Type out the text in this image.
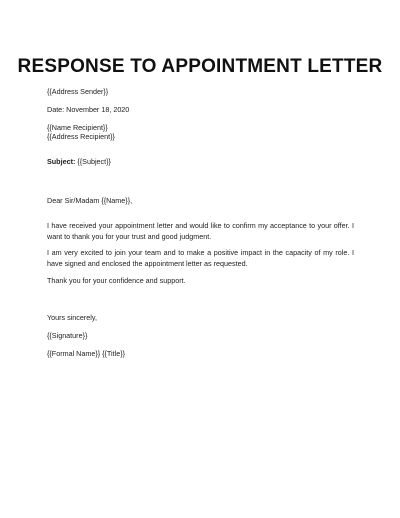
RESPONSE TO APPOINTMENT LETTER
{{Address Sender}}
Date: November 18, 2020
{{Name Recipient}}
{{Address Recipient}}
Subject: {{Subject}}
Dear Sir/Madam {{Name}},
I have received your appointment letter and would like to confirm my acceptance to your offer. I want to thank you for your trust and good judgment.
I am very excited to join your team and to make a positive impact in the capacity of my role. I have signed and enclosed the appointment letter as requested.
Thank you for your confidence and support.
Yours sincerely,
{{Signature}}
{{Formal Name}} {{Title}}
